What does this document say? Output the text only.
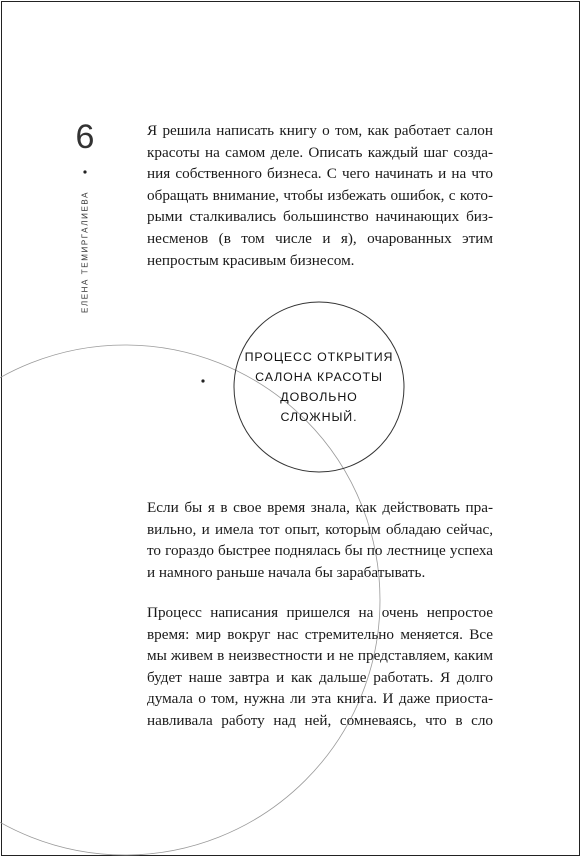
6
ЕЛЕНА ТЕМИРГАЛИЕВА

Я решила написать книгу о том, как работает салон красоты на самом деле. Описать каждый шаг создания собственного бизнеса. С чего начинать и на что обращать внимание, чтобы избежать ошибок, с которыми сталкивались большинство начинающих бизнесменов (в том числе и я), очарованных этим непростым красивым бизнесом.

ПРОЦЕСС ОТКРЫТИЯ САЛОНА КРАСОТЫ ДОВОЛЬНО СЛОЖНЫЙ.

Если бы я в свое время знала, как действовать правильно, и имела тот опыт, которым обладаю сейчас, то гораздо быстрее поднялась бы по лестнице успеха и намного раньше начала бы зарабатывать.

Процесс написания пришелся на очень непростое время: мир вокруг нас стремительно меняется. Все мы живем в неизвестности и не представляем, каким будет наше завтра и как дальше работать. Я долго думала о том, нужна ли эта книга. И даже приостанавливала работу над ней, сомневаясь, что в сло
